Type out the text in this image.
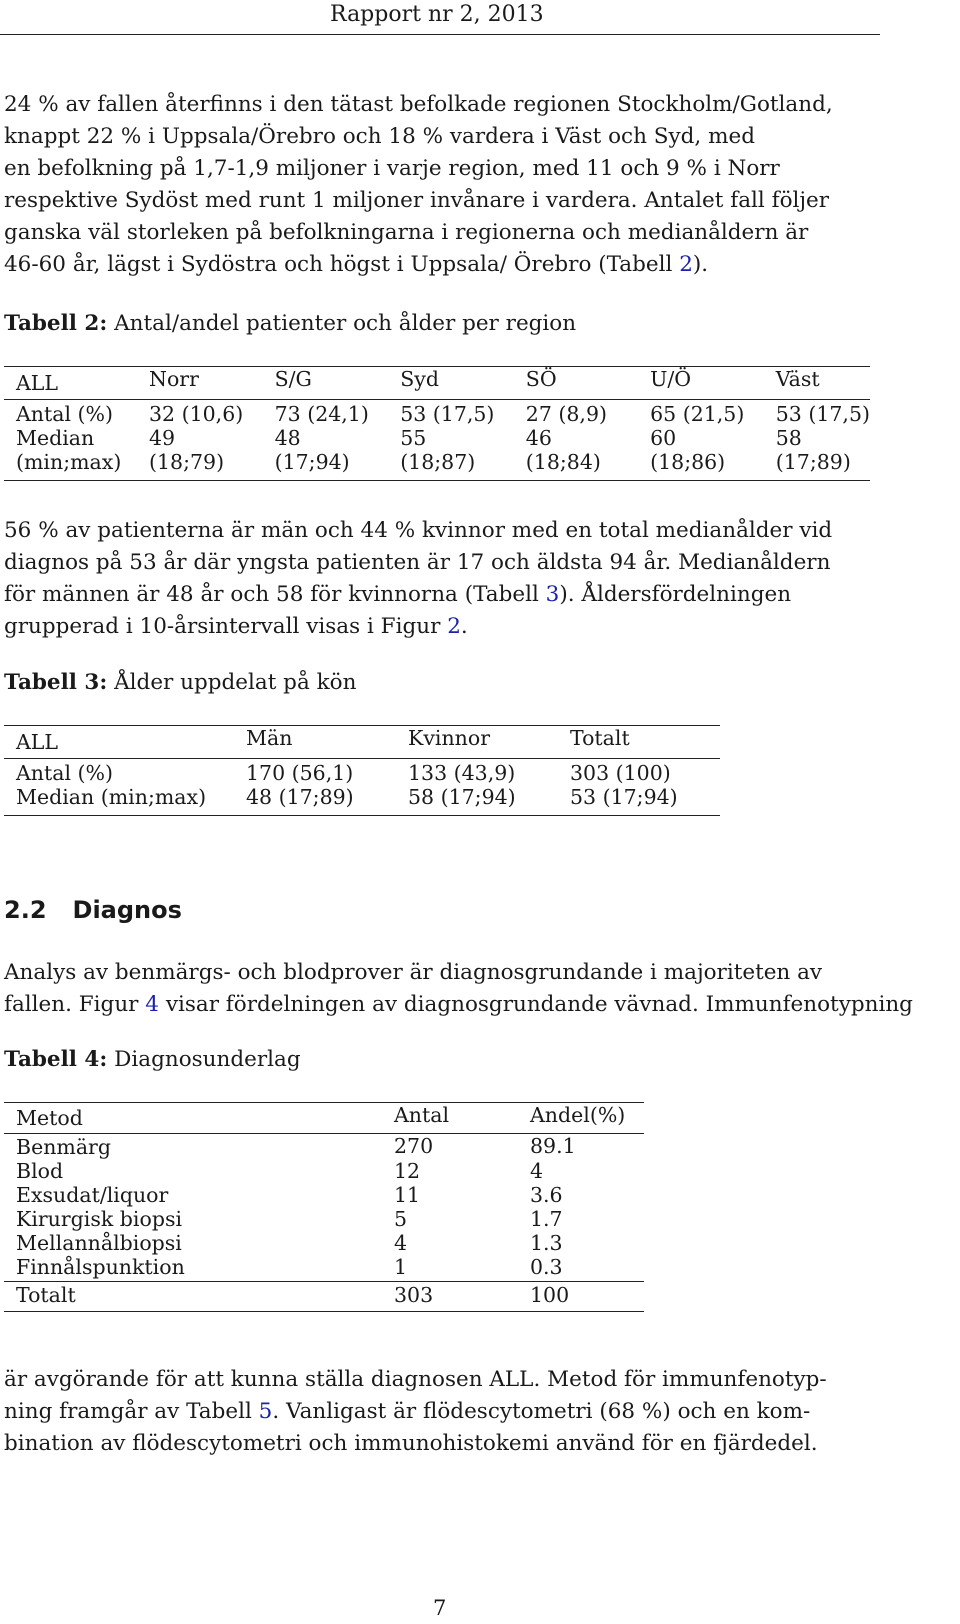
Rapport nr 2, 2013
24 % av fallen återfinns i den tätast befolkade regionen Stockholm/Gotland,
knappt 22 % i Uppsala/Örebro och 18 % vardera i Väst och Syd, med
en befolkning på 1,7-1,9 miljoner i varje region, med 11 och 9 % i Norr
respektive Sydöst med runt 1 miljoner invånare i vardera. Antalet fall följer
ganska väl storleken på befolkningarna i regionerna och medianåldern är
46-60 år, lägst i Sydöstra och högst i Uppsala/ Örebro (Tabell 2).
Tabell 2: Antal/andel patienter och ålder per region
ALL	Norr	S/G	Syd	SÖ	U/Ö	Väst
Antal (%)	32 (10,6)	73 (24,1)	53 (17,5)	27 (8,9)	65 (21,5)	53 (17,5)
Median	49	48	55	46	60	58
(min;max)	(18;79)	(17;94)	(18;87)	(18;84)	(18;86)	(17;89)
56 % av patienterna är män och 44 % kvinnor med en total medianålder vid
diagnos på 53 år där yngsta patienten är 17 och äldsta 94 år. Medianåldern
för männen är 48 år och 58 för kvinnorna (Tabell 3). Åldersfördelningen
grupperad i 10-årsintervall visas i Figur 2.
Tabell 3: Ålder uppdelat på kön
ALL	Män	Kvinnor	Totalt
Antal (%)	170 (56,1)	133 (43,9)	303 (100)
Median (min;max)	48 (17;89)	58 (17;94)	53 (17;94)
2.2 Diagnos
Analys av benmärgs- och blodprover är diagnosgrundande i majoriteten av
fallen. Figur 4 visar fördelningen av diagnosgrundande vävnad. Immunfenotypning
Tabell 4: Diagnosunderlag
Metod	Antal	Andel(%)
Benmärg	270	89.1
Blod	12	4
Exsudat/liquor	11	3.6
Kirurgisk biopsi	5	1.7
Mellannålbiopsi	4	1.3
Finnålspunktion	1	0.3
Totalt	303	100
är avgörande för att kunna ställa diagnosen ALL. Metod för immunfenotyp-
ning framgår av Tabell 5. Vanligast är flödescytometri (68 %) och en kom-
bination av flödescytometri och immunohistokemi använd för en fjärdedel.
7
